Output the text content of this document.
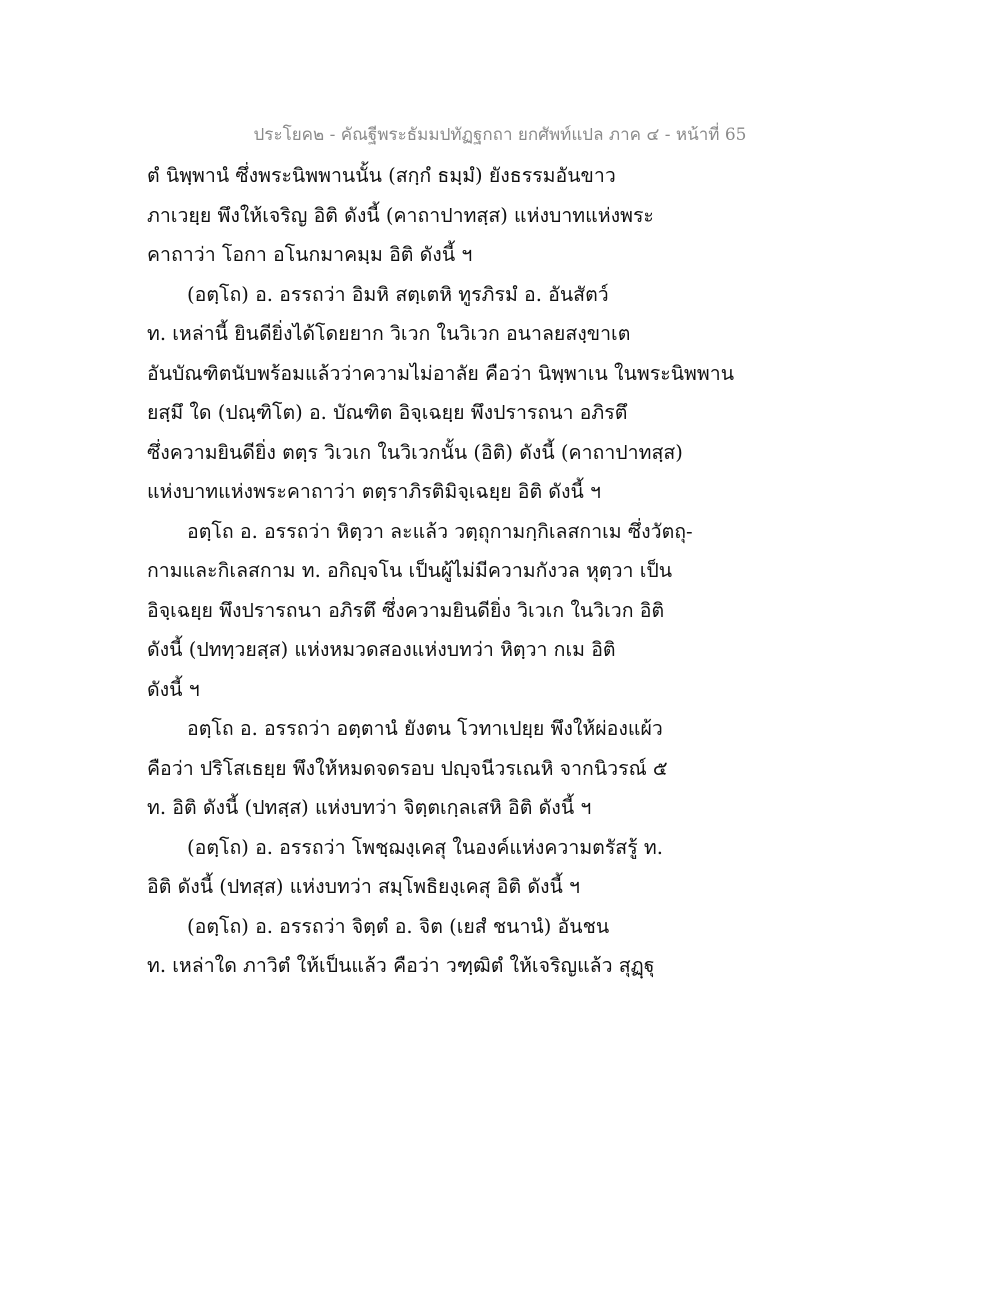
ประโยค๒ - คัณฐีพระธัมมปทัฏฐกถา ยกศัพท์แปล ภาค ๔ - หน้าที่ 65
ตํ นิพฺพานํ ซึ่งพระนิพพานนั้น (สกฺกํ ธมฺมํ) ยังธรรมอันขาว
ภาเวยฺย พึงให้เจริญ อิติ ดังนี้ (คาถาปาทสฺส) แห่งบาทแห่งพระ
คาถาว่า โอกา อโนกมาคมฺม อิติ ดังนี้ ฯ
(อตฺโถ) อ. อรรถว่า อิมหิ สตฺเตหิ ทูรภิรมํ อ. อันสัตว์
ท. เหล่านี้ ยินดียิ่งได้โดยยาก วิเวก ในวิเวก อนาลยสงฺขาเต
อันบัณฑิตนับพร้อมแล้วว่าความไม่อาลัย คือว่า นิพฺพาเน ในพระนิพพาน
ยสฺมึ ใด (ปณฺฑิโต) อ. บัณฑิต อิจฺเฉยฺย พึงปรารถนา อภิรตึ
ซึ่งความยินดียิ่ง ตตฺร วิเวเก ในวิเวกนั้น (อิติ) ดังนี้ (คาถาปาทสฺส)
แห่งบาทแห่งพระคาถาว่า ตตฺราภิรติมิจฺเฉยฺย อิติ ดังนี้ ฯ
อตฺโถ อ. อรรถว่า หิตฺวา ละแล้ว วตฺถุกามกฺกิเลสกาเม ซึ่งวัตถุ-
กามและกิเลสกาม ท. อกิญฺจโน เป็นผู้ไม่มีความกังวล หุตฺวา เป็น
อิจฺเฉยฺย พึงปรารถนา อภิรตึ ซึ่งความยินดียิ่ง วิเวเก ในวิเวก อิติ
ดังนี้ (ปททฺวยสฺส) แห่งหมวดสองแห่งบทว่า หิตฺวา กเม อิติ
ดังนี้ ฯ
อตฺโถ อ. อรรถว่า อตฺตานํ ยังตน โวทาเปยฺย พึงให้ผ่องแผ้ว
คือว่า ปริโสเธยฺย พึงให้หมดจดรอบ ปญฺจนีวรเณหิ จากนิวรณ์ ๕
ท. อิติ ดังนี้ (ปทสฺส) แห่งบทว่า จิตฺตเกฺลเสหิ อิติ ดังนี้ ฯ
(อตฺโถ) อ. อรรถว่า โพชฺฌงฺเคสุ ในองค์แห่งความตรัสรู้ ท.
อิติ ดังนี้ (ปทสฺส) แห่งบทว่า สมฺโพธิยงฺเคสุ อิติ ดังนี้ ฯ
(อตฺโถ) อ. อรรถว่า จิตฺตํ อ. จิต (เยสํ ชนานํ) อันชน
ท. เหล่าใด ภาวิตํ ให้เป็นแล้ว คือว่า วฑฺฒิตํ ให้เจริญแล้ว สุฏฺฐุ
